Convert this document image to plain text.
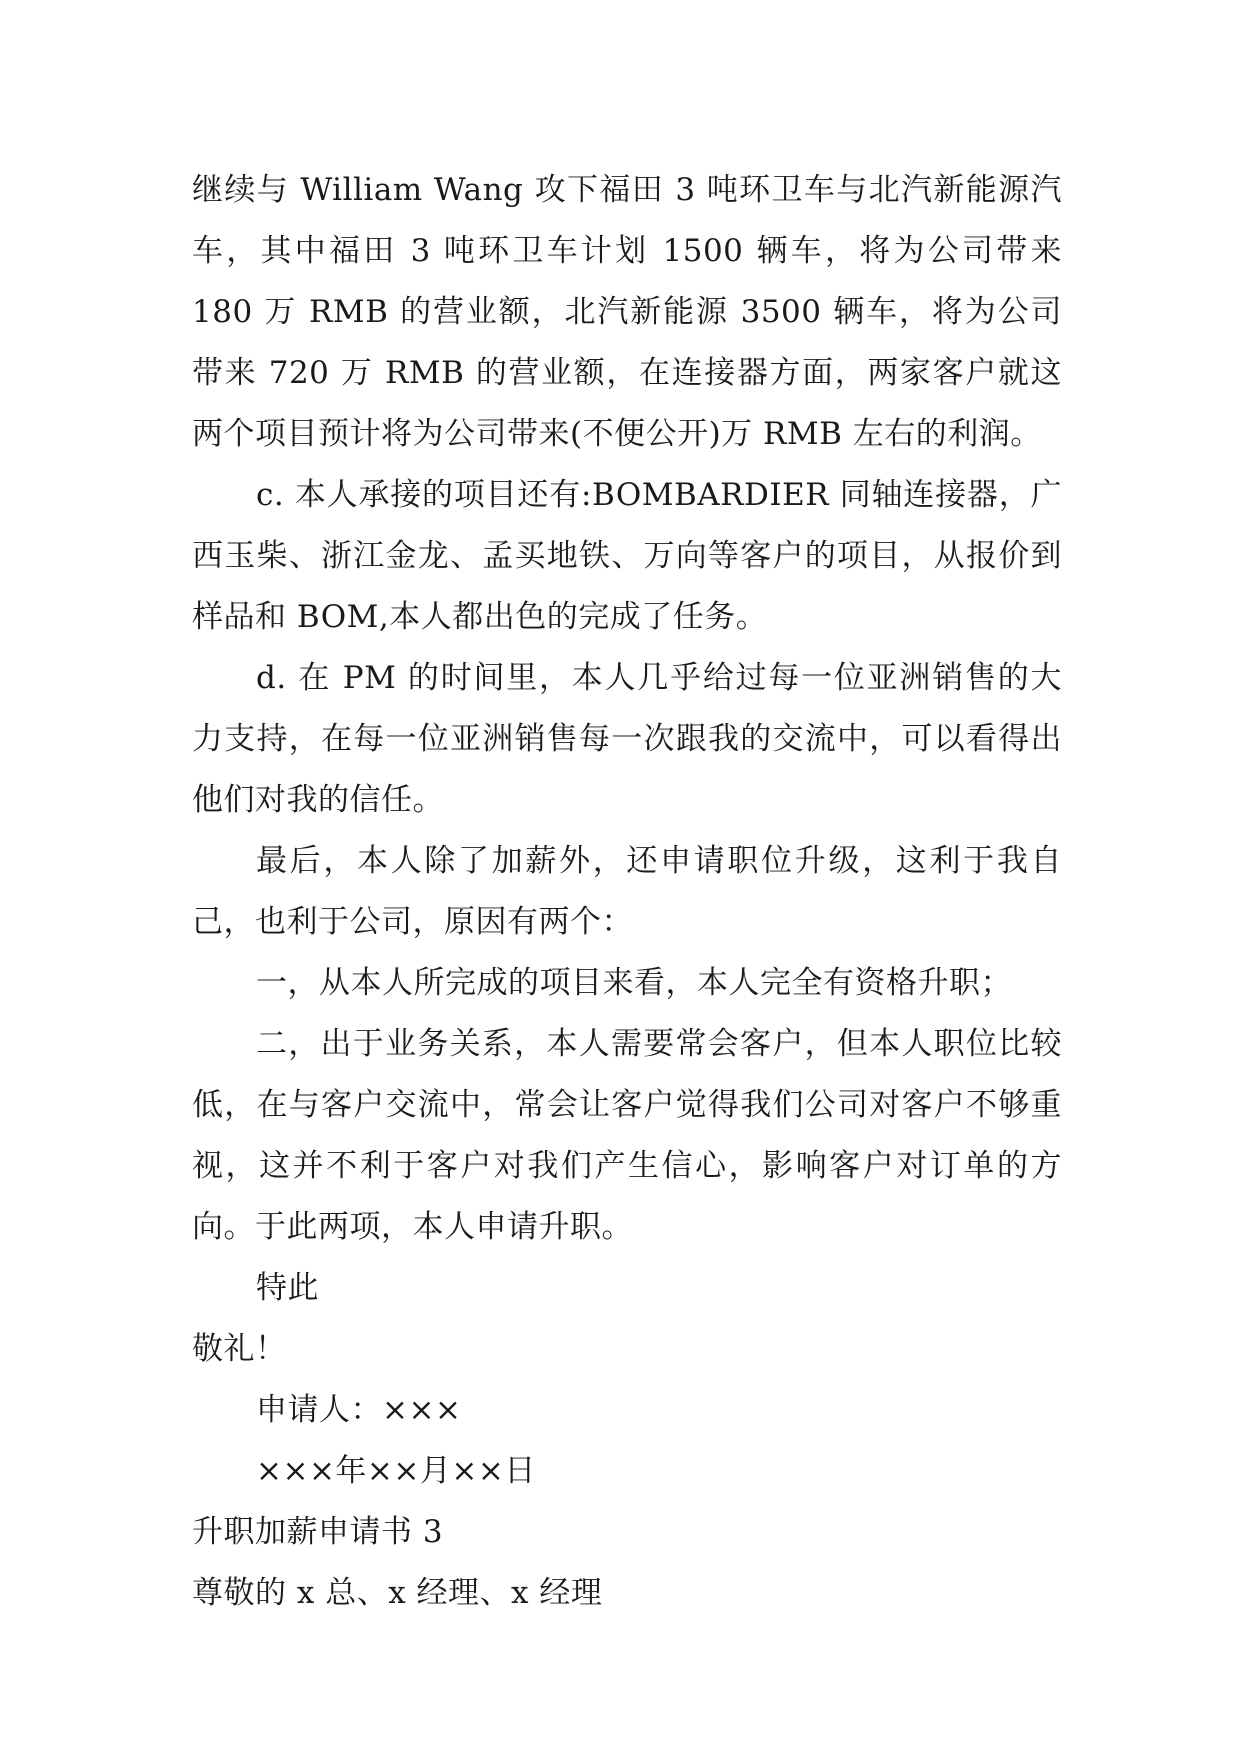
继续与 William Wang 攻下福田 3 吨环卫车与北汽新能源汽车，其中福田 3 吨环卫车计划 1500 辆车，将为公司带来 180 万 RMB 的营业额，北汽新能源 3500 辆车，将为公司带来 720 万 RMB 的营业额，在连接器方面，两家客户就这两个项目预计将为公司带来(不便公开)万 RMB 左右的利润。

c. 本人承接的项目还有:BOMBARDIER 同轴连接器，广西玉柴、浙江金龙、孟买地铁、万向等客户的项目，从报价到样品和 BOM,本人都出色的完成了任务。

d. 在 PM 的时间里，本人几乎给过每一位亚洲销售的大力支持，在每一位亚洲销售每一次跟我的交流中，可以看得出他们对我的信任。

最后，本人除了加薪外，还申请职位升级，这利于我自己，也利于公司，原因有两个：

一，从本人所完成的项目来看，本人完全有资格升职；

二，出于业务关系，本人需要常会客户，但本人职位比较低，在与客户交流中，常会让客户觉得我们公司对客户不够重视，这并不利于客户对我们产生信心，影响客户对订单的方向。于此两项，本人申请升职。

特此

敬礼！

申请人：×××

×××年××月××日

升职加薪申请书 3

尊敬的 x 总、x 经理、x 经理
